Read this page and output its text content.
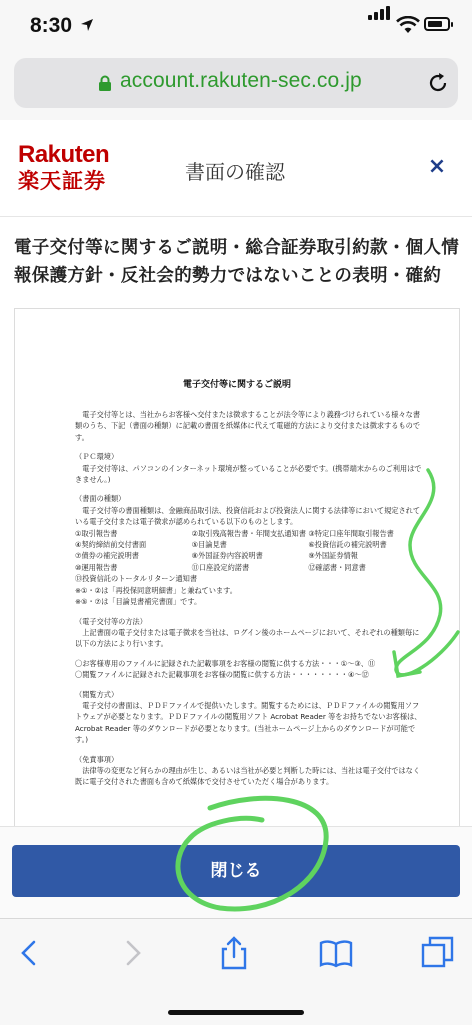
8:30
account.rakuten-sec.co.jp
Rakuten
楽天証券	書面の確認	×
電子交付等に関するご説明・総合証券取引約款・個人情報保護方針・反社会的勢力ではないことの表明・確約
電子交付等に関するご説明

電子交付等とは、当社からお客様へ交付または徴求することが法令等により義務づけられている様々な書類のうち、下記（書面の種類）に記載の書面を紙媒体に代えて電磁的方法により交付または徴求するものです。

（ＰＣ環境）

電子交付等は、パソコンのインターネット環境が整っていることが必要です。(携帯端末からのご利用はできません。)

（書面の種類）

電子交付等の書面種類は、金融商品取引法、投資信託および投資法人に関する法律等において規定されている電子交付または電子徴求が認められている以下のものとします。

①取引報告書	②取引残高報告書・年間支払通知書 ③特定口座年間取引報告書
④契約締結前交付書面	⑤目論見書	⑥投資信託の補完説明書
⑦債券の補完説明書	⑧外国証券内容説明書	⑨外国証券情報
⑩運用報告書	⑪口座設定約諾書	⑫確認書・同意書

⑬投資信託のトータルリターン通知書

※①・②は「再投保同意明細書」と兼ねています。

※⑤・⑦は「目論見書補完書面」です。

（電子交付等の方法）

上記書面の電子交付または電子徴求を当社は、ログイン後のホームページにおいて、それぞれの種類毎に以下の方法により行います。

〇お客様専用のファイルに記録された記載事項をお客様の閲覧に供する方法・・・①～③、⑪

〇閲覧ファイルに記録された記載事項をお客様の閲覧に供する方法・・・・・・・・④～⑫

（閲覧方式）

電子交付の書面は、ＰＤＦファイルで提供いたします。閲覧するためには、ＰＤＦファイルの閲覧用ソフトウェアが必要となります。ＰＤＦファイルの閲覧用ソフト Acrobat Reader 等をお持ちでないお客様は、Acrobat Reader 等のダウンロードが必要となります。(当社ホームページ上からのダウンロードが可能です。)

（免責事項）

法律等の変更など何らかの理由が生じ、あるいは当社が必要と判断した時には、当社は電子交付ではなく既に電子交付された書面も含めて紙媒体で交付させていただく場合があります。

閉じる
